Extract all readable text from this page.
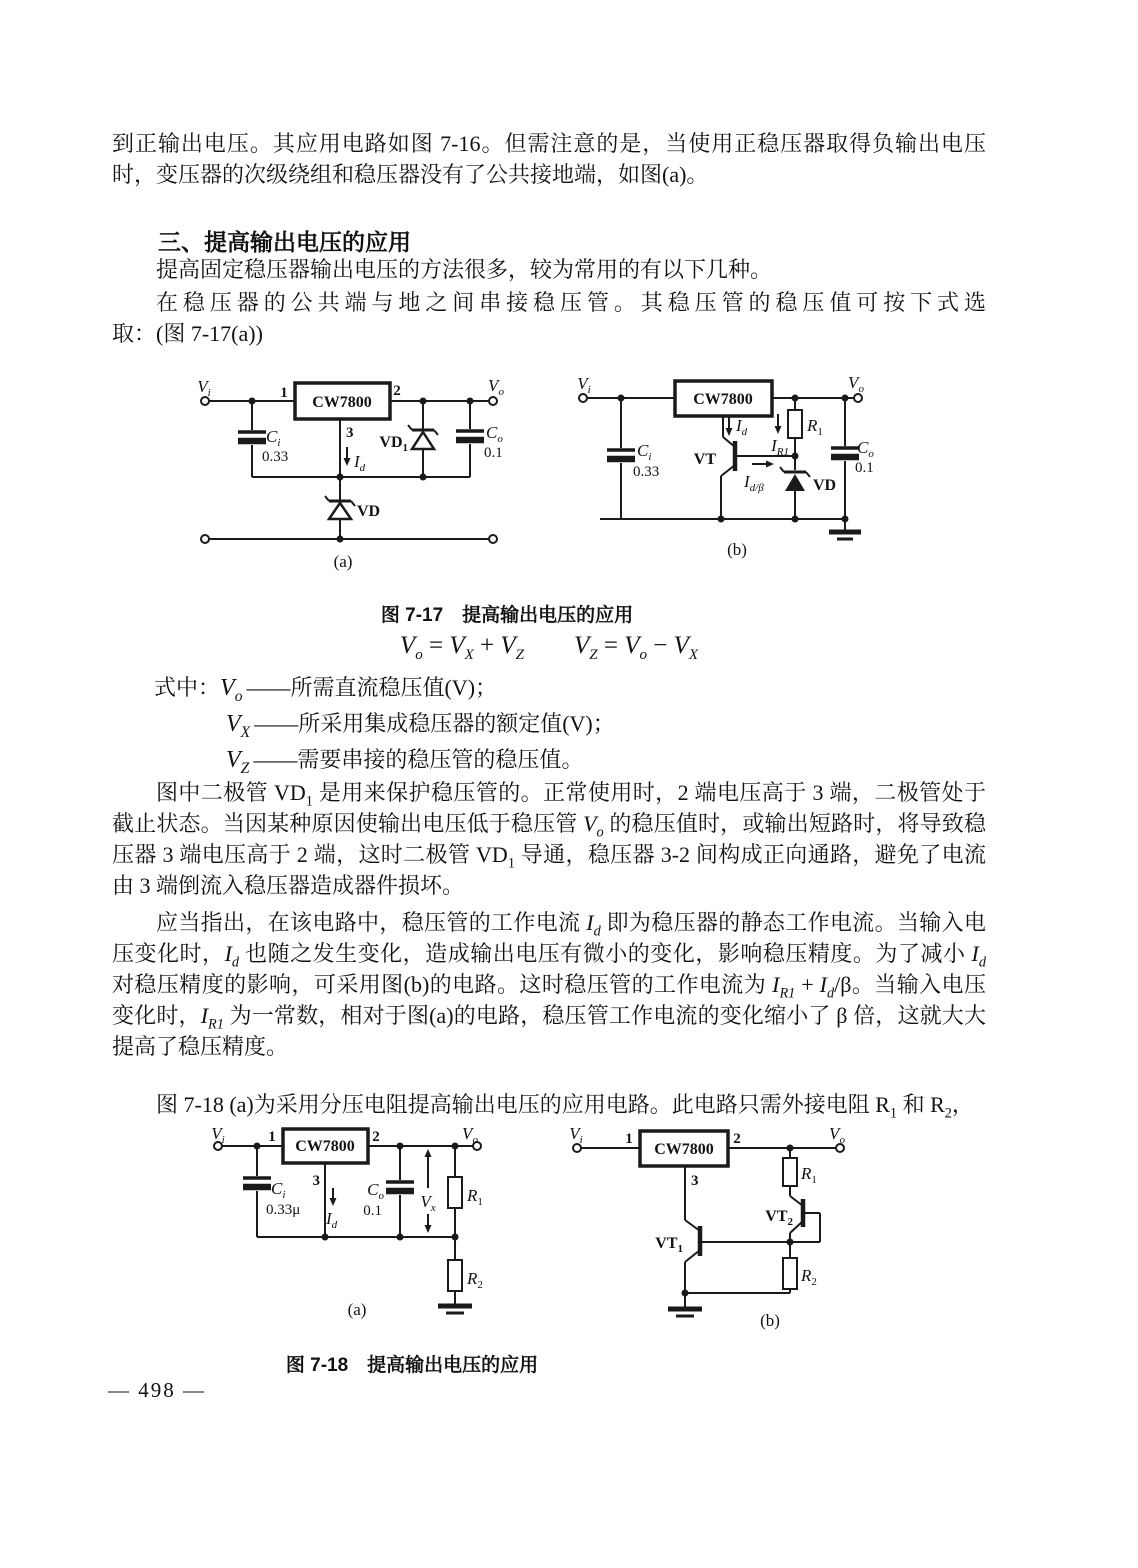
到正输出电压。其应用电路如图 7-16。但需注意的是，当使用正稳压器取得负输出电压时，变压器的次级绕组和稳压器没有了公共接地端，如图(a)。

三、提高输出电压的应用

提高固定稳压器输出电压的方法很多，较为常用的有以下几种。

在稳压器的公共端与地之间串接稳压管。其稳压管的稳压值可按下式选
取：(图 7-17(a))
$V_i$	$V_o$
1	2
3
CW7800
$C_i$
0.33
$VD_1$
$I_d$
VD
$C_o$
0.1
(a)
$V_i$	$V_o$
CW7800
$C_i$
0.33
$I_d$
VT
$I_{R1}$
$I_{d/\beta}$
$R_1$
VD
$C_o$
0.1
(b)
图 7-17　提高输出电压的应用
$V_o = V_X + V_Z$ $V_Z = V_o - V_X$
式中：$V_o$ ——所需直流稳压值(V)；
$V_X$ ——所采用集成稳压器的额定值(V)；
$V_Z$ ——需要串接的稳压管的稳压值。

图中二极管 $VD_1$ 是用来保护稳压管的。正常使用时，2 端电压高于 3 端，二极管处于截止状态。当因某种原因使输出电压低于稳压管 $V_o$ 的稳压值时，或输出短路时，将导致稳压器 3 端电压高于 2 端，这时二极管 $VD_1$ 导通，稳压器 3-2 间构成正向通路，避免了电流由 3 端倒流入稳压器造成器件损坏。

应当指出，在该电路中，稳压管的工作电流 $I_d$ 即为稳压器的静态工作电流。当输入电压变化时，$I_d$ 也随之发生变化，造成输出电压有微小的变化，影响稳压精度。为了减小 $I_d$ 对稳压精度的影响，可采用图(b)的电路。这时稳压管的工作电流为 $I_{R1} + I_d/\beta$。当输入电压变化时，$I_{R1}$ 为一常数，相对于图(a)的电路，稳压管工作电流的变化缩小了 β 倍，这就大大提高了稳压精度。

图 7-18 (a)为采用分压电阻提高输出电压的应用电路。此电路只需外接电阻 $R_1$ 和 $R_2$，

$V_i$	1
CW7800
2	$V_o$
3
$C_i$
0.33μ $I_d$
$C_o$
0.1 $V_x$
$R_1$
$R_2$
(a)
$V_i$	1
CW7800
2	$V_o$
3	$R_1$
$VT_2$
$VT_1$
$R_2$
(b)
图 7-18　提高输出电压的应用
— 498 —
